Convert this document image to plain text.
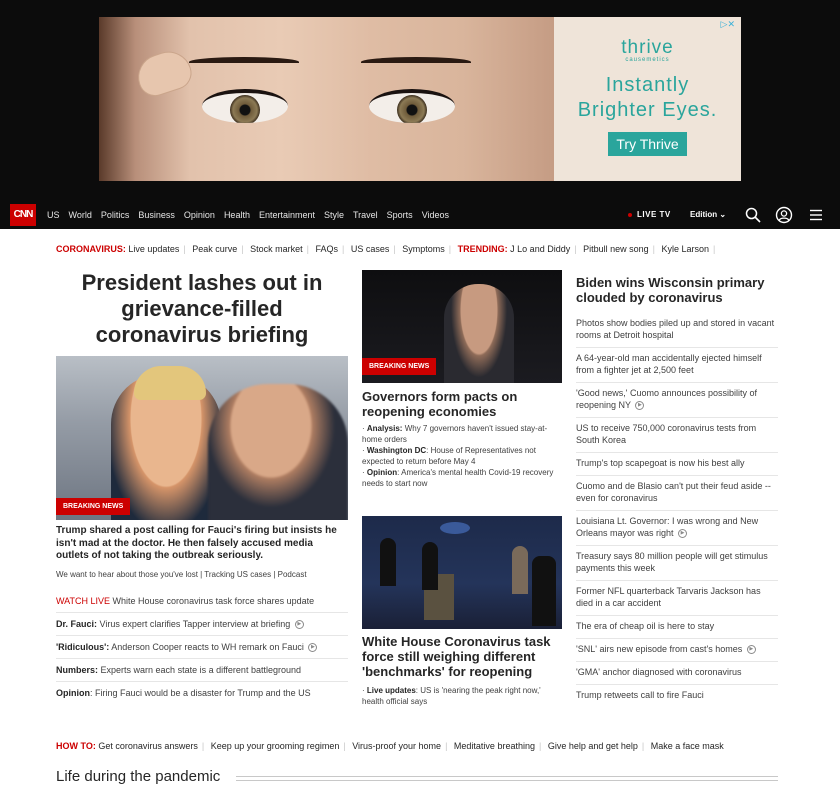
▷✕
thrive
causemetics
Instantly
Brighter Eyes.
Try Thrive
CNN	US World Politics Business Opinion Health Entertainment Style Travel Sports Videos	LIVE TV Edition ⌄
CORONAVIRUS: Live updates | Peak curve | Stock market | FAQs | US cases | Symptoms | TRENDING: J Lo and Diddy | Pitbull new song | Kyle Larson |
President lashes out in grievance-filled coronavirus briefing
BREAKING NEWS
Trump shared a post calling for Fauci's firing but insists he isn't mad at the doctor. He then falsely accused media outlets of not taking the outbreak seriously.
We want to hear about those you've lost | Tracking US cases | Podcast
WATCH LIVE White House coronavirus task force shares update
Dr. Fauci: Virus expert clarifies Tapper interview at briefing ▶
'Ridiculous': Anderson Cooper reacts to WH remark on Fauci ▶
Numbers: Experts warn each state is a different battleground
Opinion: Firing Fauci would be a disaster for Trump and the US
BREAKING NEWS
Governors form pacts on reopening economies
· Analysis: Why 7 governors haven't issued stay-at-home orders
· Washington DC: House of Representatives not expected to return before May 4
· Opinion: America's mental health Covid-19 recovery needs to start now
White House Coronavirus task force still weighing different 'benchmarks' for reopening
· Live updates: US is 'nearing the peak right now,' health official says
Biden wins Wisconsin primary clouded by coronavirus
Photos show bodies piled up and stored in vacant rooms at Detroit hospital
A 64-year-old man accidentally ejected himself from a fighter jet at 2,500 feet
'Good news,' Cuomo announces possibility of reopening NY ▶
US to receive 750,000 coronavirus tests from South Korea
Trump's top scapegoat is now his best ally
Cuomo and de Blasio can't put their feud aside -- even for coronavirus
Louisiana Lt. Governor: I was wrong and New Orleans mayor was right ▶
Treasury says 80 million people will get stimulus payments this week
Former NFL quarterback Tarvaris Jackson has died in a car accident
The era of cheap oil is here to stay
'SNL' airs new episode from cast's homes ▶
'GMA' anchor diagnosed with coronavirus
Trump retweets call to fire Fauci
HOW TO: Get coronavirus answers | Keep up your grooming regimen | Virus-proof your home | Meditative breathing | Give help and get help | Make a face mask
Life during the pandemic
